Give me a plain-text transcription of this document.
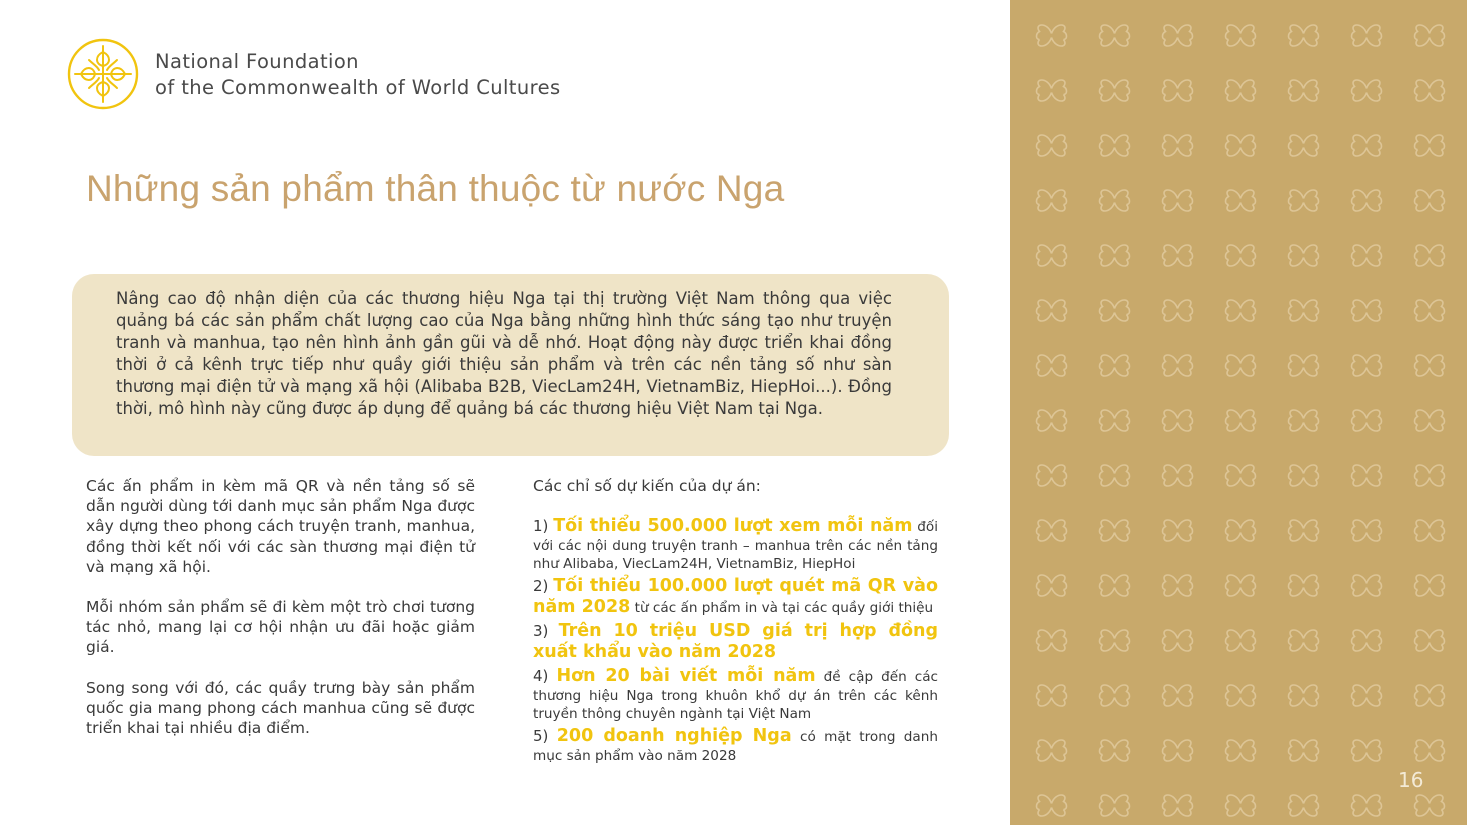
National Foundation
of the Commonwealth of World Cultures
Những sản phẩm thân thuộc từ nước Nga
Nâng cao độ nhận diện của các thương hiệu Nga tại thị trường Việt Nam thông qua việc quảng bá các sản phẩm chất lượng cao của Nga bằng những hình thức sáng tạo như truyện tranh và manhua, tạo nên hình ảnh gần gũi và dễ nhớ. Hoạt động này được triển khai đồng thời ở cả kênh trực tiếp như quầy giới thiệu sản phẩm và trên các nền tảng số như sàn thương mại điện tử và mạng xã hội (Alibaba B2B, ViecLam24H, VietnamBiz, HiepHoi...). Đồng thời, mô hình này cũng được áp dụng để quảng bá các thương hiệu Việt Nam tại Nga.

Các ấn phẩm in kèm mã QR và nền tảng số sẽ dẫn người dùng tới danh mục sản phẩm Nga được xây dựng theo phong cách truyện tranh, manhua, đồng thời kết nối với các sàn thương mại điện tử và mạng xã hội.

Mỗi nhóm sản phẩm sẽ đi kèm một trò chơi tương tác nhỏ, mang lại cơ hội nhận ưu đãi hoặc giảm giá.

Song song với đó, các quầy trưng bày sản phẩm quốc gia mang phong cách manhua cũng sẽ được triển khai tại nhiều địa điểm.

Các chỉ số dự kiến của dự án:
1) Tối thiểu 500.000 lượt xem mỗi năm đối với các nội dung truyện tranh – manhua trên các nền tảng như Alibaba, ViecLam24H, VietnamBiz, HiepHoi
2) Tối thiểu 100.000 lượt quét mã QR vào năm 2028 từ các ấn phẩm in và tại các quầy giới thiệu
3) Trên 10 triệu USD giá trị hợp đồng xuất khẩu vào năm 2028
4) Hơn 20 bài viết mỗi năm đề cập đến các thương hiệu Nga trong khuôn khổ dự án trên các kênh truyền thông chuyên ngành tại Việt Nam
5) 200 doanh nghiệp Nga có mặt trong danh mục sản phẩm vào năm 2028
16
